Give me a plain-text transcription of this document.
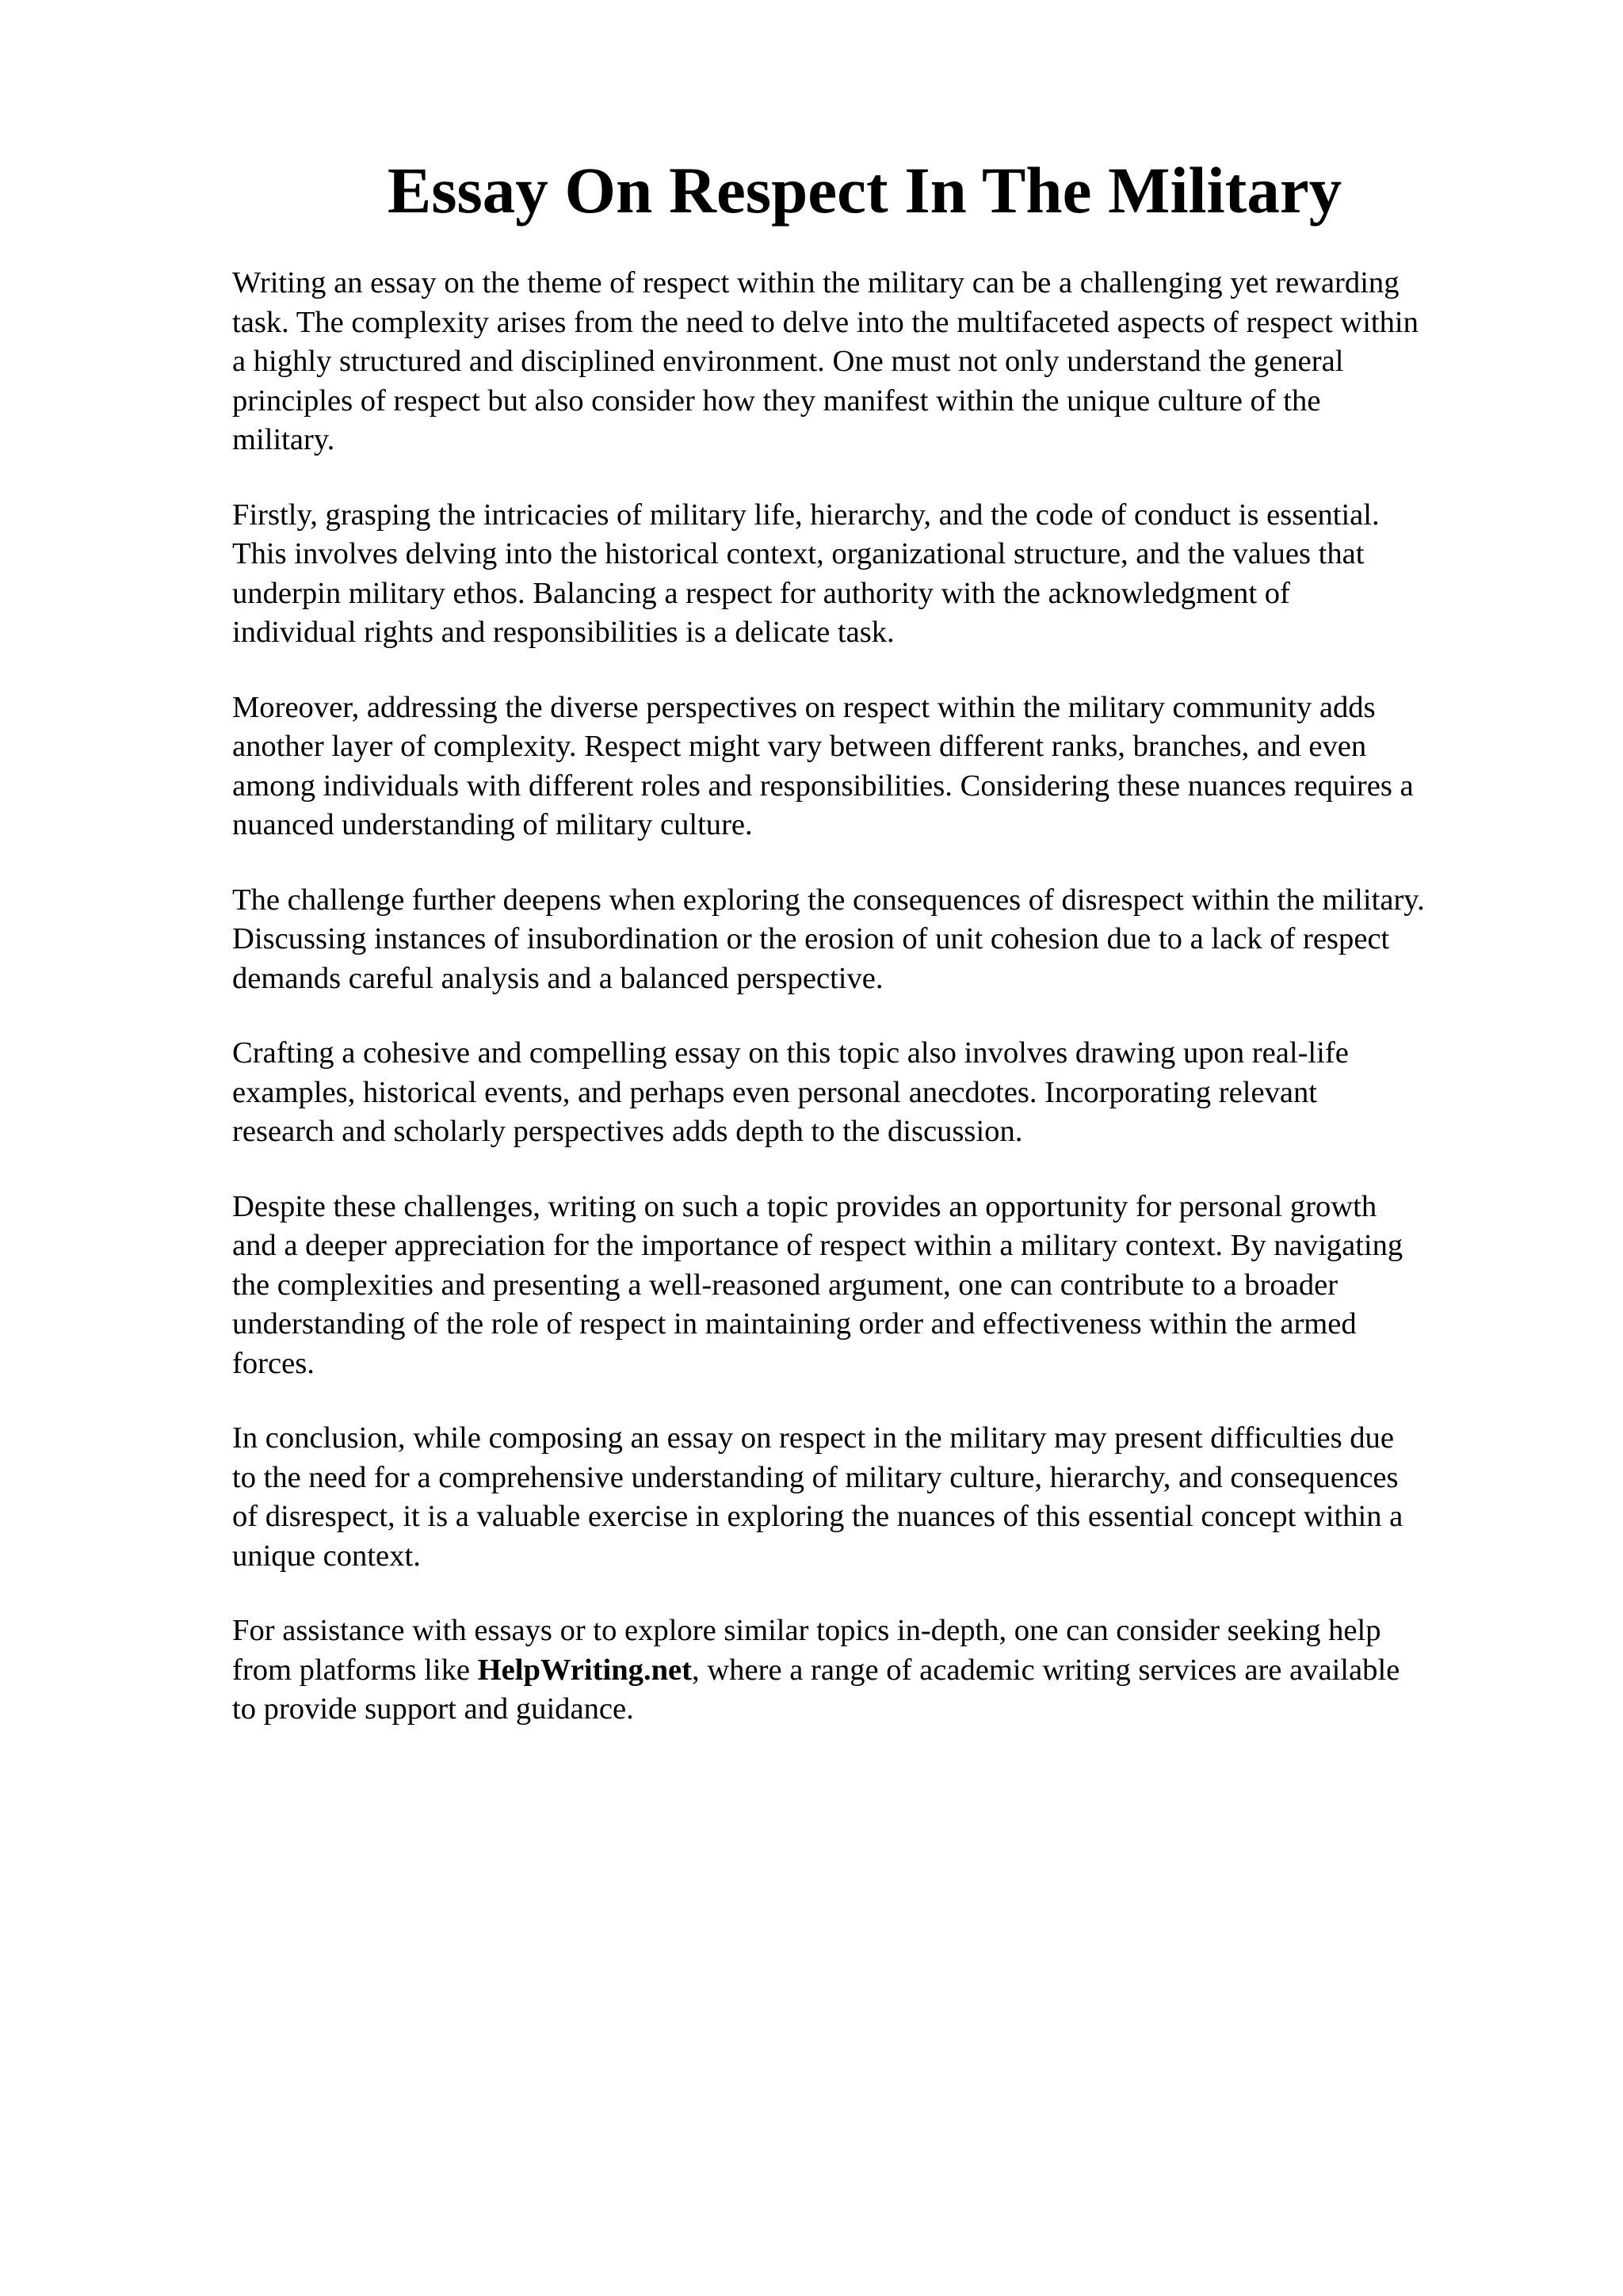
Essay On Respect In The Military

Writing an essay on the theme of respect within the military can be a challenging yet rewarding
task. The complexity arises from the need to delve into the multifaceted aspects of respect within
a highly structured and disciplined environment. One must not only understand the general
principles of respect but also consider how they manifest within the unique culture of the
military.

Firstly, grasping the intricacies of military life, hierarchy, and the code of conduct is essential.
This involves delving into the historical context, organizational structure, and the values that
underpin military ethos. Balancing a respect for authority with the acknowledgment of
individual rights and responsibilities is a delicate task.

Moreover, addressing the diverse perspectives on respect within the military community adds
another layer of complexity. Respect might vary between different ranks, branches, and even
among individuals with different roles and responsibilities. Considering these nuances requires a
nuanced understanding of military culture.

The challenge further deepens when exploring the consequences of disrespect within the military.
Discussing instances of insubordination or the erosion of unit cohesion due to a lack of respect
demands careful analysis and a balanced perspective.

Crafting a cohesive and compelling essay on this topic also involves drawing upon real-life
examples, historical events, and perhaps even personal anecdotes. Incorporating relevant
research and scholarly perspectives adds depth to the discussion.

Despite these challenges, writing on such a topic provides an opportunity for personal growth
and a deeper appreciation for the importance of respect within a military context. By navigating
the complexities and presenting a well-reasoned argument, one can contribute to a broader
understanding of the role of respect in maintaining order and effectiveness within the armed
forces.

In conclusion, while composing an essay on respect in the military may present difficulties due
to the need for a comprehensive understanding of military culture, hierarchy, and consequences
of disrespect, it is a valuable exercise in exploring the nuances of this essential concept within a
unique context.

For assistance with essays or to explore similar topics in-depth, one can consider seeking help
from platforms like HelpWriting.net, where a range of academic writing services are available
to provide support and guidance.
